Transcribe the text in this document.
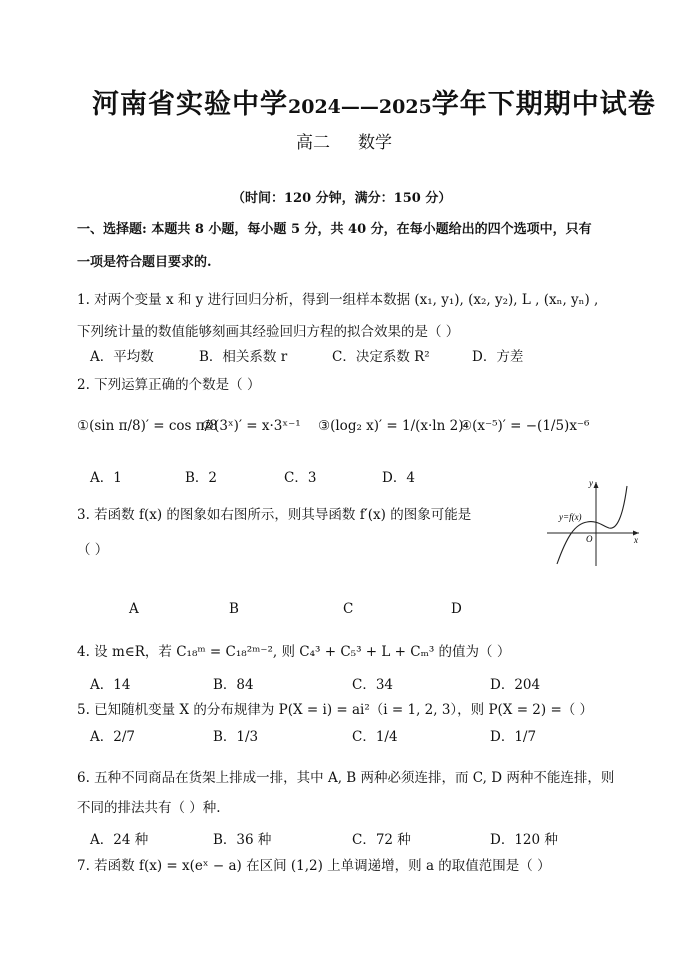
河南省实验中学2024——2025学年下期期中试卷
高二 数学
（时间：120 分钟，满分：150 分）
一、选择题: 本题共 8 小题，每小题 5 分，共 40 分，在每小题给出的四个选项中，只有
一项是符合题目要求的.
1. 对两个变量 x 和 y 进行回归分析，得到一组样本数据 (x₁, y₁), (x₂, y₂), L , (xₙ, yₙ) ,
下列统计量的数值能够刻画其经验回归方程的拟合效果的是（ ）
A．平均数	B．相关系数 r	C．决定系数 R²	D．方差
2. 下列运算正确的个数是（ ）
①(sin π/8)′ = cos π/8
②(3ˣ)′ = x·3ˣ⁻¹ ③(log₂ x)′ = 1/(x·ln 2)
④(x⁻⁵)′ = −(1/5)x⁻⁶
A．1	B．2	C．3	D．4
3. 若函数 f(x) 的图象如右图所示，则其导函数 f′(x) 的图象可能是
（ ）
y=f(x)
O	x
y
A	B	C	D
4. 设 m∈R，若 C₁₈ᵐ = C₁₈²ᵐ⁻², 则 C₄³ + C₅³ + L + Cₘ³ 的值为（ ）
A．14	B．84	C．34	D．204
5. 已知随机变量 X 的分布规律为 P(X = i) = ai²（i = 1, 2, 3），则 P(X = 2) =（ ）
A．2/7	B．1/3	C．1/4	D．1/7
6. 五种不同商品在货架上排成一排，其中 A, B 两种必须连排，而 C, D 两种不能连排，则
不同的排法共有（ ）种.
A．24 种	B．36 种	C．72 种	D．120 种
7. 若函数 f(x) = x(eˣ − a) 在区间 (1,2) 上单调递增，则 a 的取值范围是（ ）
